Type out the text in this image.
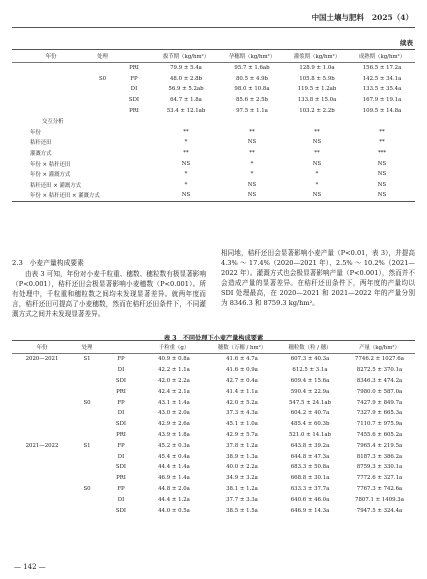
中国土壤与肥料 2025（4）
续表
年份	处理		拔节期（kg/hm²）	孕穗期（kg/hm²）	灌浆期（kg/hm²）	成熟期（kg/hm²）
		PRI	79.9 ± 5.4a	95.7 ± 1.6ab	128.9 ± 1.0a	156.5 ± 17.2a
	S0	FP	48.0 ± 2.8b	80.5 ± 4.9b	105.8 ± 5.9b	142.5 ± 34.1a
		DI	56.9 ± 5.2ab	98.0 ± 10.8a	119.5 ± 1.2ab	133.5 ± 35.4a
		SDI	64.7 ± 1.8a	85.6 ± 2.5b	133.8 ± 15.0a	167.9 ± 19.1a
		PRI	53.4 ± 12.1ab	97.5 ± 1.1a	103.2 ± 2.2b	109.5 ± 14.8a
交互分析						
年份			**	**	**	**
秸秆还田			*	NS	NS	**
灌溉方式			**	**	**	***
年份 × 秸秆还田			NS	*	NS	NS
年份 × 灌溉方式			*	*	*	NS
秸秆还田 × 灌溉方式			*	NS	*	NS
年份 × 秸秆还田 × 灌溉方式			NS	NS	NS	NS
2.3　小麦产量构成要素
由表 3 可知，年份对小麦千粒重、穗数、穗粒数有极显著影响（P<0.001），秸秆还田会极显著影响小麦穗数（P<0.001）。所有处理中，千粒重和穗粒数之间均未发现显著差异。就两年度而言，秸秆还田可提高了小麦穗数，然而在秸秆还田条件下，不同灌溉方式之间并未发现显著差异。
相同地，秸秆还田会显著影响小麦产量（P<0.01，表 3），并提高 4.3% ～ 17.4%（2020—2021 年）、2.5% ～ 10.2%（2021—2022 年）。灌溉方式也会极显著影响产量（P<0.001），然而并不会造成产量的显著差异。在秸秆还田条件下，两年度的产量均以 SDI 处理最高，在 2020—2021 和 2021—2022 年的产量分别为 8346.3 和 8759.3 kg/hm²。
表 3　不同处理下小麦产量构成要素
年份	处理		千粒重（g）	穗数（万穗 / hm²）	穗粒数（粒 / 穗）	产量（kg/hm²）
2020—2021	S1	FP	40.9 ± 0.8a	41.6 ± 4.7a	607.3 ± 40.3a	7746.2 ± 1027.6a
		DI	42.2 ± 1.1a	41.6 ± 0.9a	612.5 ± 3.1a	8272.5 ± 370.1a
		SDI	42.0 ± 2.2a	42.7 ± 0.4a	609.4 ± 15.6a	8346.3 ± 474.2a
		PRI	42.4 ± 2.1a	41.4 ± 1.1a	590.4 ± 22.9a	7980.0 ± 587.0a
	S0	FP	43.1 ± 1.4a	42.0 ± 5.2a	547.5 ± 24.1ab	7427.9 ± 849.7a
		DI	43.0 ± 2.0a	37.3 ± 4.3a	604.2 ± 40.7a	7327.9 ± 665.3a
		SDI	42.9 ± 2.6a	45.1 ± 1.0a	485.4 ± 60.3b	7110.7 ± 975.9a
		PRI	43.9 ± 1.8a	42.9 ± 5.7a	521.0 ± 14.1ab	7455.6 ± 605.2a
2021—2022	S1	FP	45.2 ± 0.3a	37.8 ± 1.2a	643.8 ± 39.2a	7965.4 ± 219.5a
		DI	45.4 ± 0.4a	38.9 ± 1.3a	644.8 ± 47.3a	8187.3 ± 386.2a
		SDI	44.4 ± 1.4a	40.0 ± 2.2a	683.3 ± 50.8a	8759.3 ± 330.1a
		PRI	46.9 ± 1.4a	34.9 ± 3.2a	668.8 ± 30.1a	7772.6 ± 327.1a
	S0	FP	44.8 ± 2.0a	38.1 ± 1.2a	633.3 ± 37.7a	7767.3 ± 742.6a
		DI	44.4 ± 1.2a	37.7 ± 3.3a	640.6 ± 46.0a	7807.1 ± 1409.3a
		SDI	44.0 ± 0.5a	38.5 ± 1.5a	646.9 ± 14.3a	7947.5 ± 324.4a
— 142 —
